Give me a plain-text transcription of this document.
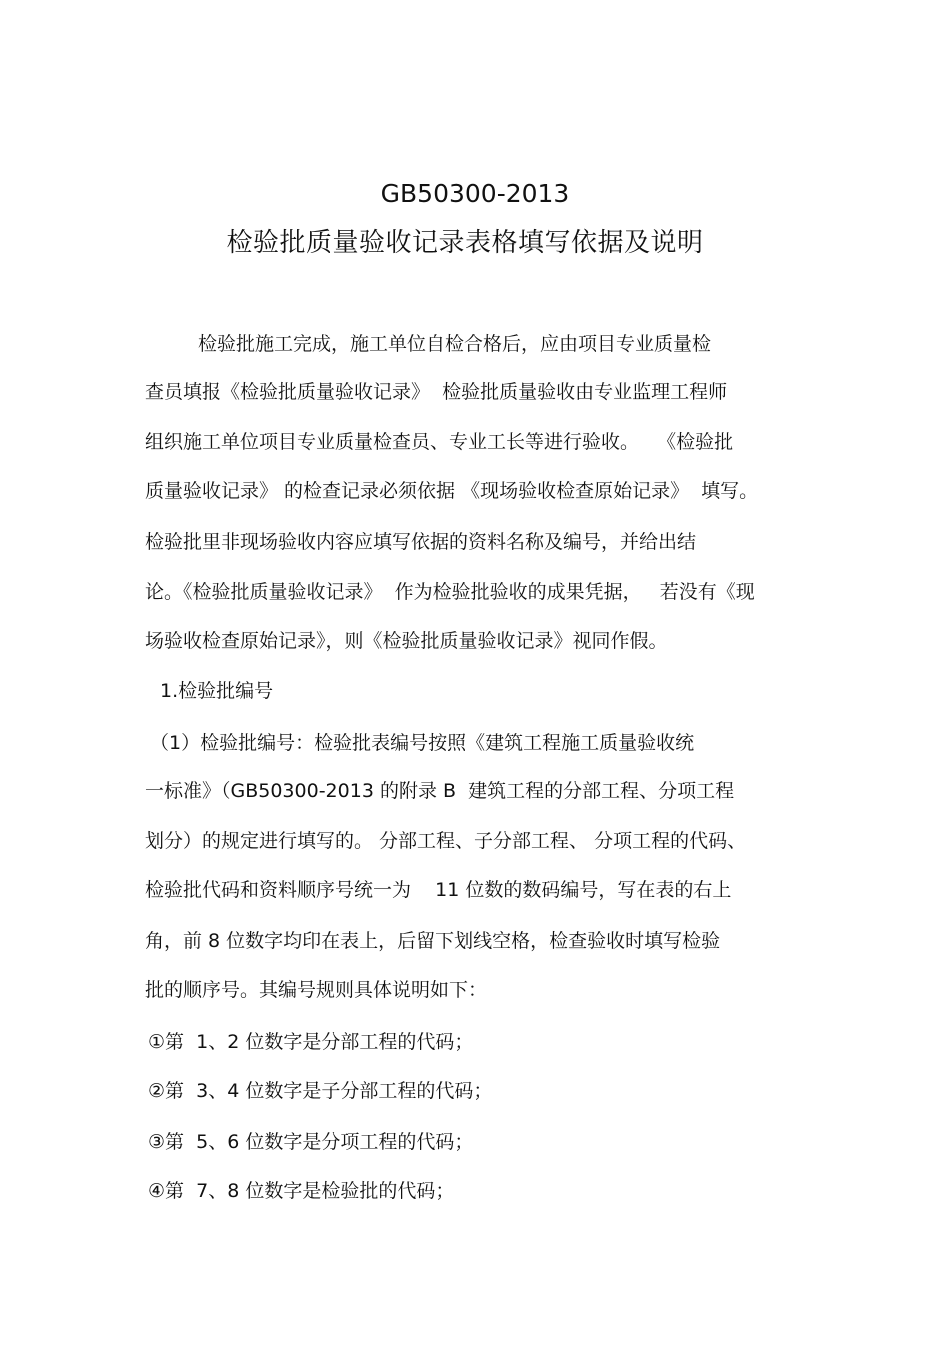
GB50300-2013
检验批质量验收记录表格填写依据及说明

检验批施工完成，施工单位自检合格后，应由项目专业质量检

查员填报《检验批质量验收记录》  检验批质量验收由专业监理工程师

组织施工单位项目专业质量检查员、专业工长等进行验收。   《检验批

质量验收记录》 的检查记录必须依据 《现场验收检查原始记录》  填写。

检验批里非现场验收内容应填写依据的资料名称及编号，并给出结

论。《检验批质量验收记录》  作为检验批验收的成果凭据，   若没有《现

场验收检查原始记录》，则《检验批质量验收记录》视同作假。

1.检验批编号

（1）检验批编号：检验批表编号按照《建筑工程施工质量验收统

一标准》（GB50300-2013 的附录 B  建筑工程的分部工程、分项工程

划分）的规定进行填写的。 分部工程、子分部工程、 分项工程的代码、

检验批代码和资料顺序号统一为    11 位数的数码编号，写在表的右上

角，前 8 位数字均印在表上，后留下划线空格，检查验收时填写检验

批的顺序号。其编号规则具体说明如下：

①第  1、2 位数字是分部工程的代码；

②第  3、4 位数字是子分部工程的代码；

③第  5、6 位数字是分项工程的代码；

④第  7、8 位数字是检验批的代码；
